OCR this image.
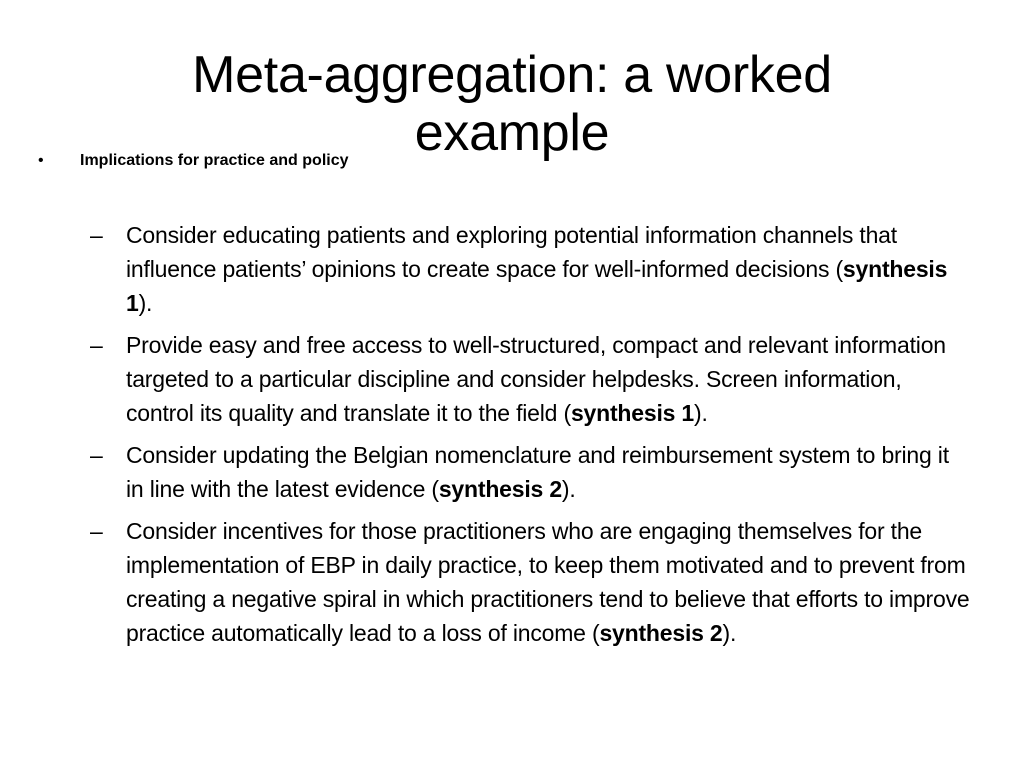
Meta-aggregation: a worked example
•	Implications for practice and policy
–	Consider educating patients and exploring potential information channels that influence patients’ opinions to create space for well-informed decisions (synthesis 1).
–	Provide easy and free access to well-structured, compact and relevant information targeted to a particular discipline and consider helpdesks. Screen information, control its quality and translate it to the field (synthesis 1).
–	Consider updating the Belgian nomenclature and reimbursement system to bring it in line with the latest evidence (synthesis 2).
–	Consider incentives for those practitioners who are engaging themselves for the implementation of EBP in daily practice, to keep them motivated and to prevent from creating a negative spiral in which practitioners tend to believe that efforts to improve practice automatically lead to a loss of income (synthesis 2).
